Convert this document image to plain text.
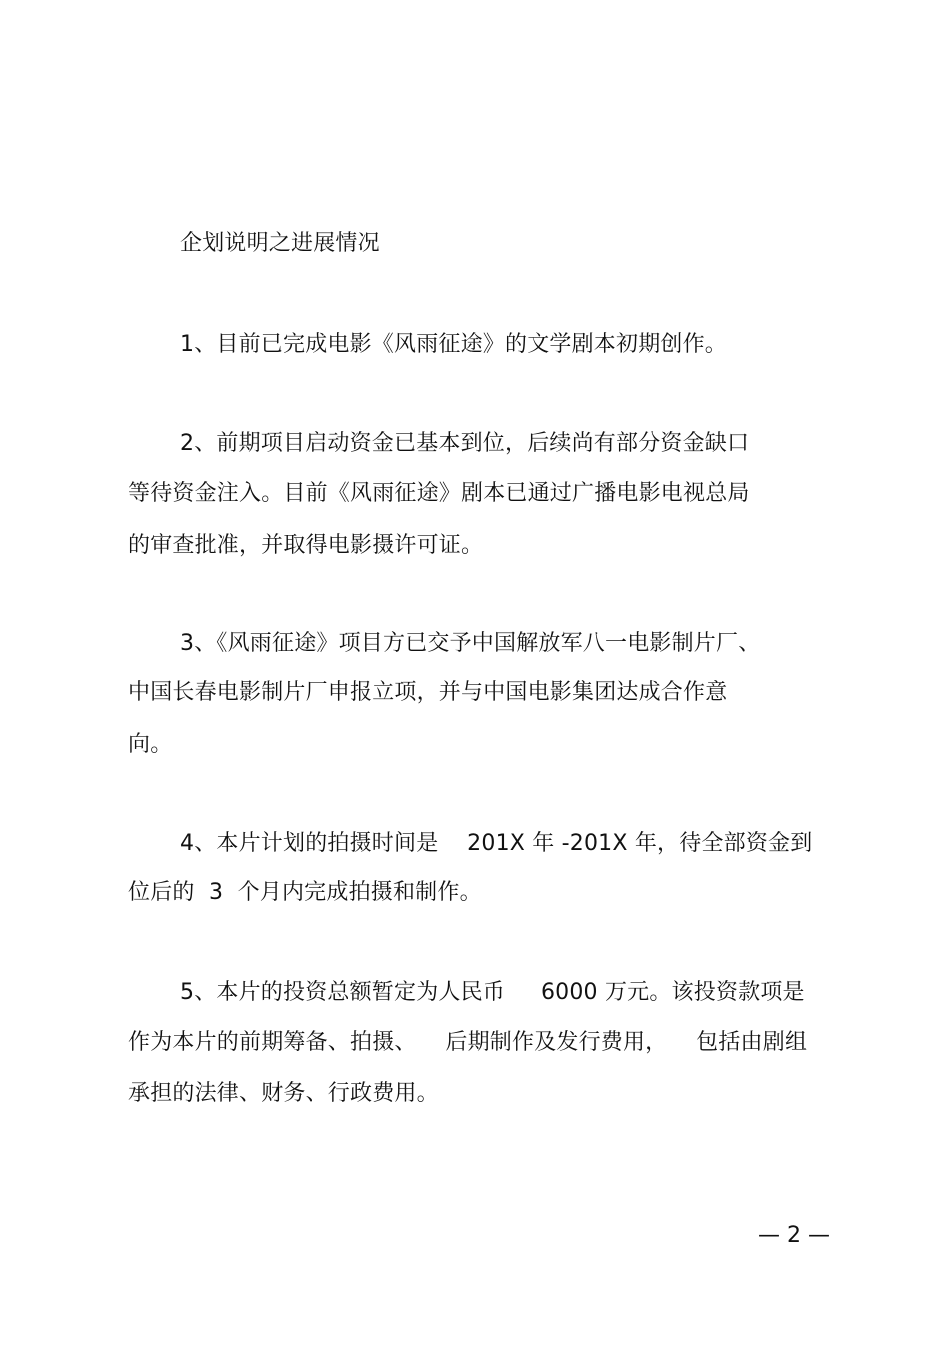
企划说明之进展情况
1、目前已完成电影《风雨征途》的文学剧本初期创作。
2、前期项目启动资金已基本到位，后续尚有部分资金缺口
等待资金注入。目前《风雨征途》剧本已通过广播电影电视总局
的审查批准，并取得电影摄许可证。
3、《风雨征途》项目方已交予中国解放军八一电影制片厂、
中国长春电影制片厂申报立项，并与中国电影集团达成合作意
向。
4、本片计划的拍摄时间是    201X 年 -201X 年，待全部资金到
位后的  3  个月内完成拍摄和制作。
5、本片的投资总额暂定为人民币     6000 万元。该投资款项是
作为本片的前期筹备、拍摄、    后期制作及发行费用，    包括由剧组
承担的法律、财务、行政费用。
— 2 —
